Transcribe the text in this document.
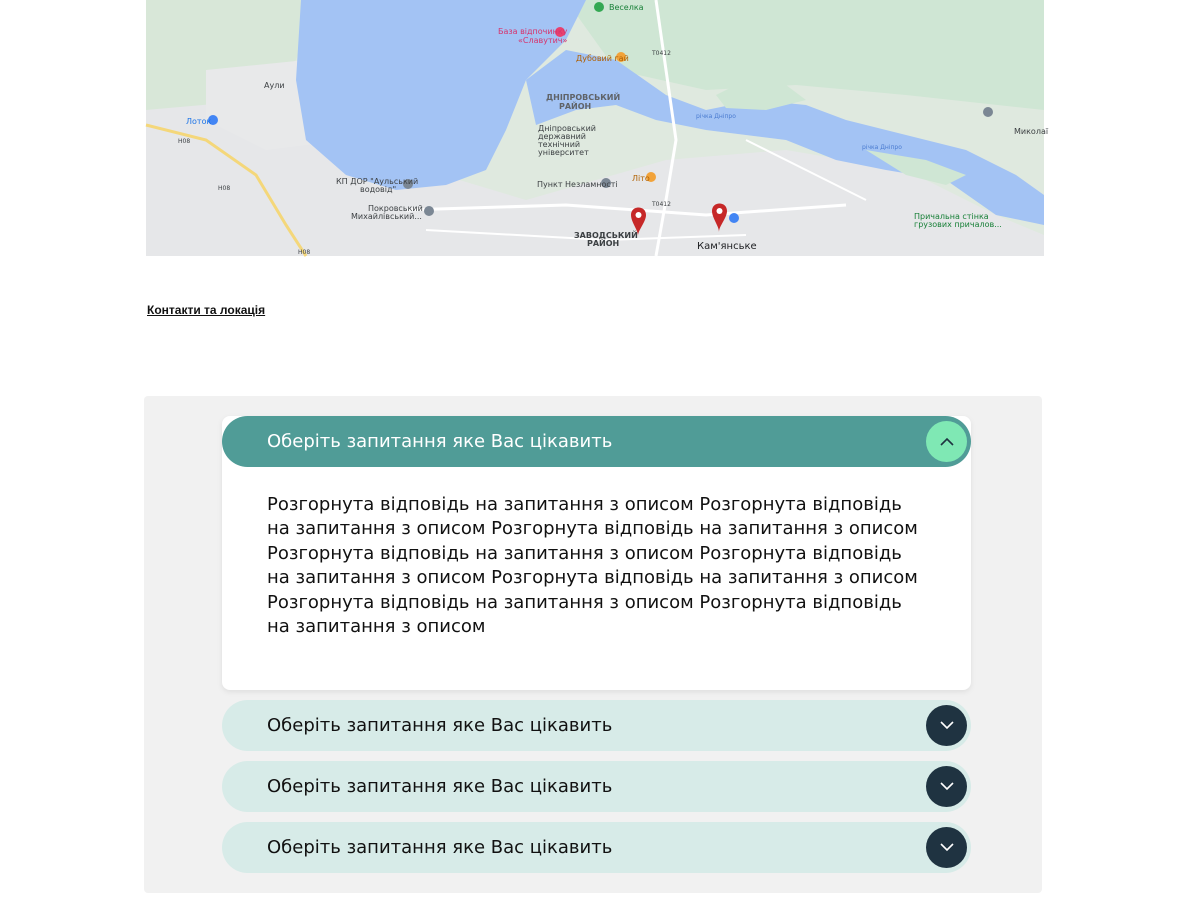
Веселка
База відпочинку
«Славутич»
Дубовий гай
ДНІПРОВСЬКИЙ
РАЙОН
Аули
Лоток
Дніпровський
державний
технічний
університет
Пункт Незламності
Літо
КП ДОР "Аульський
водовід"
Покровський
Михайлівський...
ЗАВОДСЬКИЙ
РАЙОН	Кам'янське
Миколаї
Причальна стінка
грузових причалов...
річка Дніпро
річка Дніпро
T0412
T0412
H08
H08
H08
Контакти та локація
Оберіть запитання яке Вас цікавить
Розгорнута відповідь на запитання з описом Розгорнута відповідь на запитання з описом Розгорнута відповідь на запитання з описом Розгорнута відповідь на запитання з описом Розгорнута відповідь на запитання з описом Розгорнута відповідь на запитання з описом Розгорнута відповідь на запитання з описом Розгорнута відповідь на запитання з описом
Оберіть запитання яке Вас цікавить
Оберіть запитання яке Вас цікавить
Оберіть запитання яке Вас цікавить
